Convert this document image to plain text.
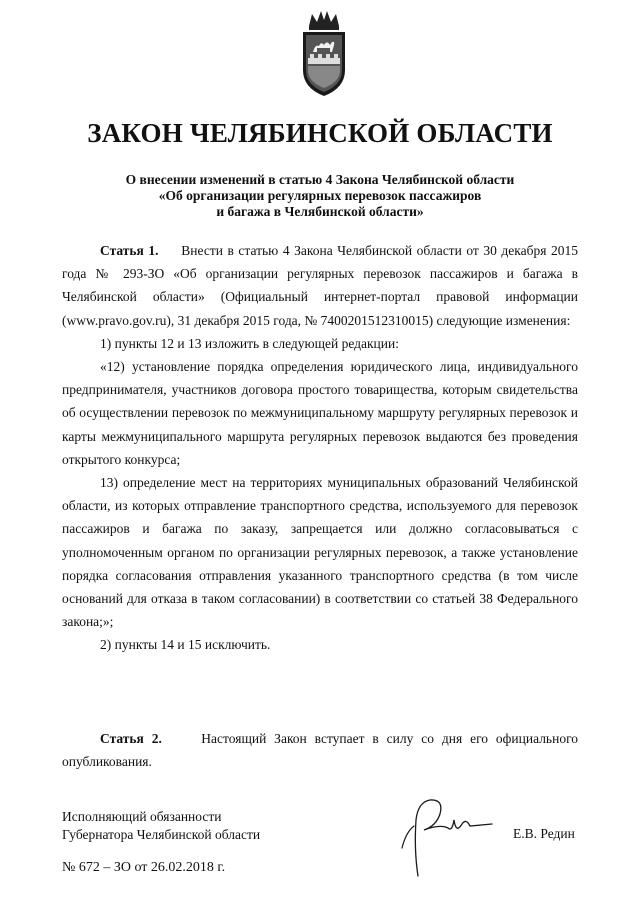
ЗАКОН ЧЕЛЯБИНСКОЙ ОБЛАСТИ
О внесении изменений в статью 4 Закона Челябинской области
«Об организации регулярных перевозок пассажиров
и багажа в Челябинской области»

Статья 1. Внести в статью 4 Закона Челябинской области от 30 декабря 2015 года № 293-ЗО «Об организации регулярных перевозок пассажиров и багажа в Челябинской области» (Официальный интернет-портал правовой информации (www.pravo.gov.ru), 31 декабря 2015 года, № 7400201512310015) следующие изменения:

1) пункты 12 и 13 изложить в следующей редакции:

«12) установление порядка определения юридического лица, индивидуального предпринимателя, участников договора простого товарищества, которым свидетельства об осуществлении перевозок по межмуниципальному маршруту регулярных перевозок и карты межмуниципального маршрута регулярных перевозок выдаются без проведения открытого конкурса;

13) определение мест на территориях муниципальных образований Челябинской области, из которых отправление транспортного средства, используемого для перевозок пассажиров и багажа по заказу, запрещается или должно согласовываться с уполномоченным органом по организации регулярных перевозок, а также установление порядка согласования отправления указанного транспортного средства (в том числе оснований для отказа в таком согласовании) в соответствии со статьей 38 Федерального закона;»;

2) пункты 14 и 15 исключить.

Статья 2.	Настоящий Закон вступает в силу со дня его официального опубликования.

Исполняющий обязанности
Губернатора Челябинской области	Е.В. Редин
№ 672 – ЗО от 26.02.2018 г.
